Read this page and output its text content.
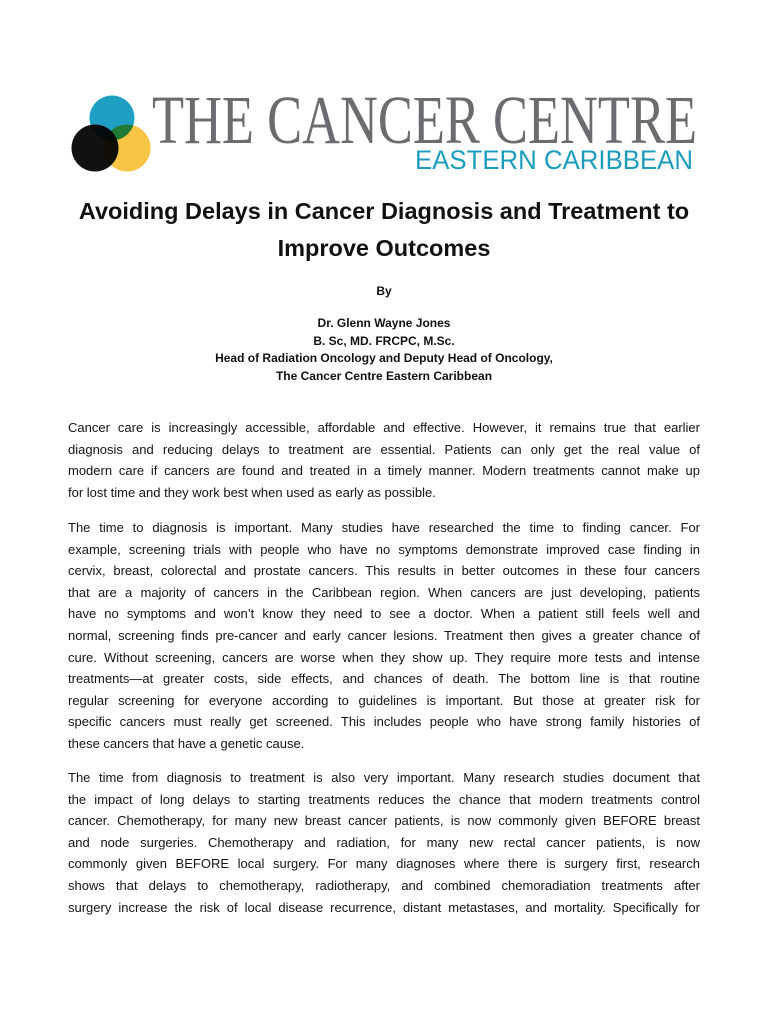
THE CANCER CENTRE
EASTERN CARIBBEAN
Avoiding Delays in Cancer Diagnosis and Treatment to
Improve Outcomes
By
Dr. Glenn Wayne Jones
B. Sc, MD. FRCPC, M.Sc.
Head of Radiation Oncology and Deputy Head of Oncology,
The Cancer Centre Eastern Caribbean
Cancer care is increasingly accessible, affordable and effective. However, it remains true that earlier
diagnosis and reducing delays to treatment are essential. Patients can only get the real value of
modern care if cancers are found and treated in a timely manner. Modern treatments cannot make up
for lost time and they work best when used as early as possible.
The time to diagnosis is important. Many studies have researched the time to finding cancer. For
example, screening trials with people who have no symptoms demonstrate improved case finding in
cervix, breast, colorectal and prostate cancers. This results in better outcomes in these four cancers
that are a majority of cancers in the Caribbean region. When cancers are just developing, patients
have no symptoms and won’t know they need to see a doctor. When a patient still feels well and
normal, screening finds pre-cancer and early cancer lesions. Treatment then gives a greater chance of
cure. Without screening, cancers are worse when they show up. They require more tests and intense
treatments—at greater costs, side effects, and chances of death. The bottom line is that routine
regular screening for everyone according to guidelines is important. But those at greater risk for
specific cancers must really get screened. This includes people who have strong family histories of
these cancers that have a genetic cause.
The time from diagnosis to treatment is also very important. Many research studies document that
the impact of long delays to starting treatments reduces the chance that modern treatments control
cancer. Chemotherapy, for many new breast cancer patients, is now commonly given BEFORE breast
and node surgeries. Chemotherapy and radiation, for many new rectal cancer patients, is now
commonly given BEFORE local surgery. For many diagnoses where there is surgery first, research
shows that delays to chemotherapy, radiotherapy, and combined chemoradiation treatments after
surgery increase the risk of local disease recurrence, distant metastases, and mortality. Specifically for
